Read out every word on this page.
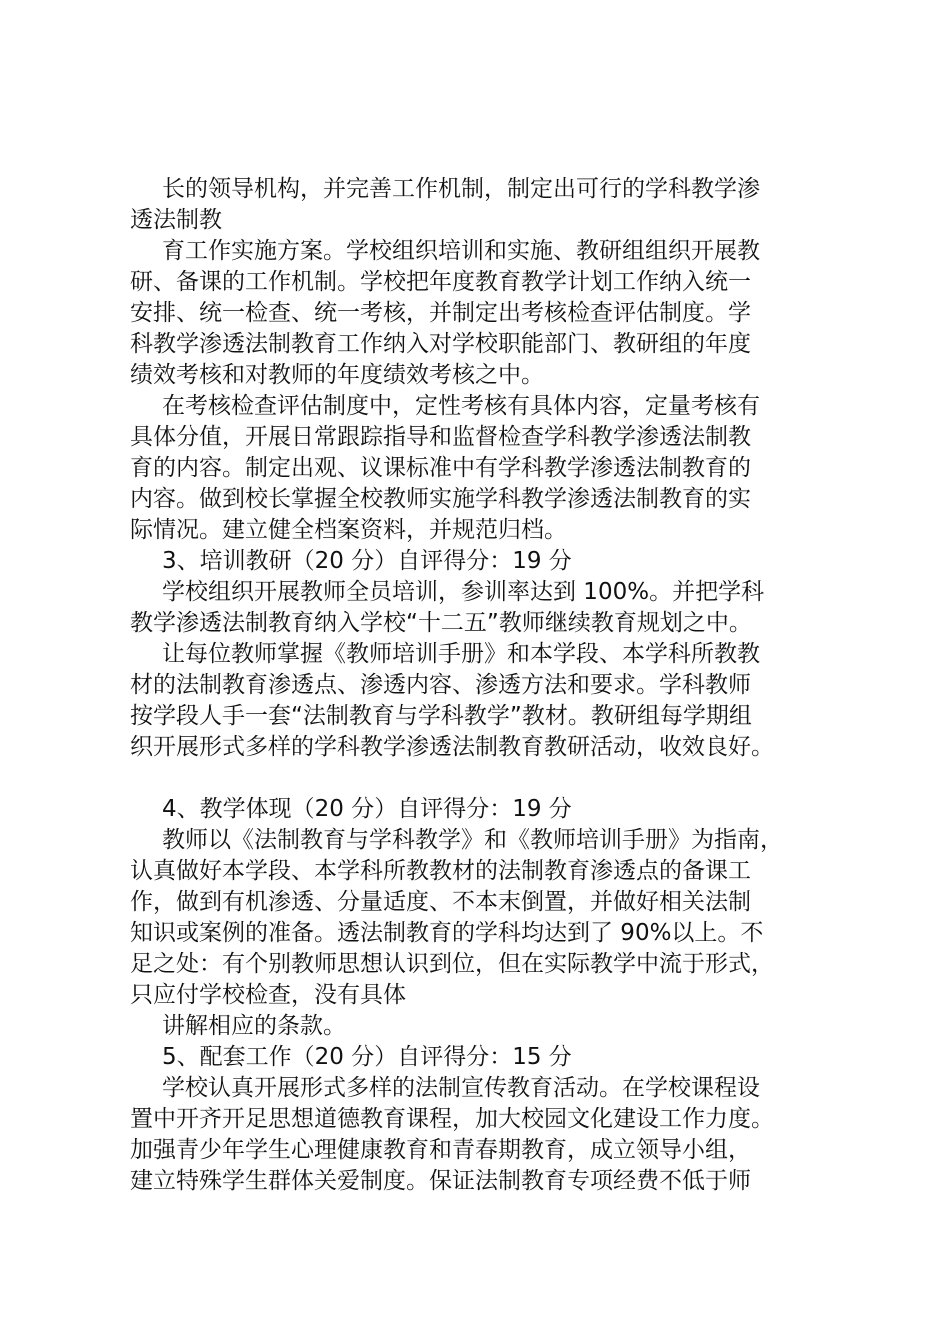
长的领导机构，并完善工作机制，制定出可行的学科教学渗
透法制教
育工作实施方案。学校组织培训和实施、教研组组织开展教
研、备课的工作机制。学校把年度教育教学计划工作纳入统一
安排、统一检查、统一考核，并制定出考核检查评估制度。学
科教学渗透法制教育工作纳入对学校职能部门、教研组的年度
绩效考核和对教师的年度绩效考核之中。
在考核检查评估制度中，定性考核有具体内容，定量考核有
具体分值，开展日常跟踪指导和监督检查学科教学渗透法制教
育的内容。制定出观、议课标准中有学科教学渗透法制教育的
内容。做到校长掌握全校教师实施学科教学渗透法制教育的实
际情况。建立健全档案资料，并规范归档。
3、培训教研（20 分）自评得分：19 分
学校组织开展教师全员培训，参训率达到 100%。并把学科
教学渗透法制教育纳入学校“十二五”教师继续教育规划之中。
让每位教师掌握《教师培训手册》和本学段、本学科所教教
材的法制教育渗透点、渗透内容、渗透方法和要求。学科教师
按学段人手一套“法制教育与学科教学”教材。教研组每学期组
织开展形式多样的学科教学渗透法制教育教研活动，收效良好。
4、教学体现（20 分）自评得分：19 分
教师以《法制教育与学科教学》和《教师培训手册》为指南，
认真做好本学段、本学科所教教材的法制教育渗透点的备课工
作，做到有机渗透、分量适度、不本末倒置，并做好相关法制
知识或案例的准备。透法制教育的学科均达到了 90%以上。不
足之处：有个别教师思想认识到位，但在实际教学中流于形式，
只应付学校检查，没有具体
讲解相应的条款。
5、配套工作（20 分）自评得分：15 分
学校认真开展形式多样的法制宣传教育活动。在学校课程设
置中开齐开足思想道德教育课程，加大校园文化建设工作力度。
加强青少年学生心理健康教育和青春期教育，成立领导小组，
建立特殊学生群体关爱制度。保证法制教育专项经费不低于师
